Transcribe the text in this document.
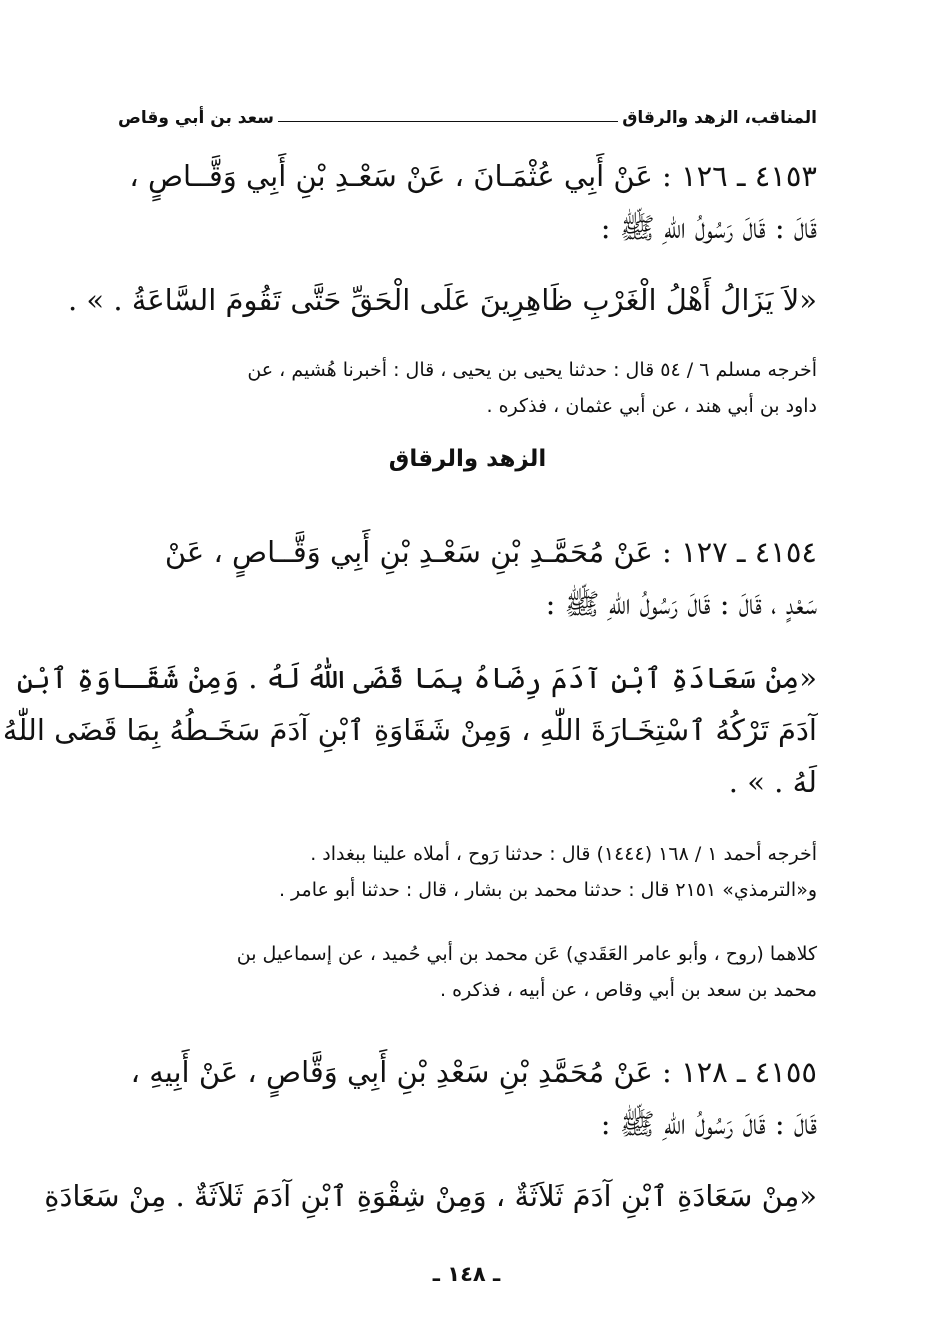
المناقب، الزهد والرقاق
سعد بن أبي وقاص
٤١٥٣ ـ ١٢٦ : عَنْ أَبِي عُثْمَـانَ ، عَنْ سَعْـدِ بْنِ أَبِي وَقَّــاصٍ ،
قَالَ : قَالَ رَسُولُ اللّٰهِ ﷺ :
«لاَ يَزَالُ أَهْلُ الْغَرْبِ ظَاهِرِينَ عَلَى الْحَقِّ حَتَّى تَقُومَ السَّاعَةُ . » .
أخرجه مسلم ٦ / ٥٤ قال : حدثنا يحيى بن يحيى ، قال : أخبرنا هُشيم ، عن
داود بن أبي هند ، عن أبي عثمان ، فذكره .
الزهد والرقاق
٤١٥٤ ـ ١٢٧ : عَنْ مُحَمَّـدِ بْنِ سَعْـدِ بْنِ أَبِي وَقَّــاصٍ ، عَنْ
سَعْدٍ ، قَالَ : قَالَ رَسُولُ اللّٰهِ ﷺ :
«مِنْ سَعَادَةِ ٱبْنِ آدَمَ رِضَاهُ بِمَا قَضَى اللّٰهُ لَهُ . وَمِنْ شَقَـاوَةِ ٱبْنِ
آدَمَ تَرْكُهُ ٱسْتِخَـارَةَ اللّٰهِ ، وَمِنْ شَقَاوَةِ ٱبْنِ آدَمَ سَخَـطُهُ بِمَا قَضَى اللّٰهُ
لَهُ . » .
أخرجه أحمد ١ / ١٦٨ (١٤٤٤) قال : حدثنا رَوح ، أملاه علينا ببغداد .
و«الترمذي» ٢١٥١ قال : حدثنا محمد بن بشار ، قال : حدثنا أبو عامر .
كلاهما (روح ، وأبو عامر العَقَدي) عَن محمد بن أبي حُميد ، عن إسماعيل بن
محمد بن سعد بن أبي وقاص ، عن أبيه ، فذكره .
٤١٥٥ ـ ١٢٨ : عَنْ مُحَمَّدِ بْنِ سَعْدِ بْنِ أَبِي وَقَّاصٍ ، عَنْ أَبِيهِ ،
قَالَ : قَالَ رَسُولُ اللّٰهِ ﷺ :
«مِنْ سَعَادَةِ ٱبْنِ آدَمَ ثَلاَثَةٌ ، وَمِنْ شِقْوَةِ ٱبْنِ آدَمَ ثَلاَثَةٌ . مِنْ سَعَادَةِ
ـ ١٤٨ ـ
